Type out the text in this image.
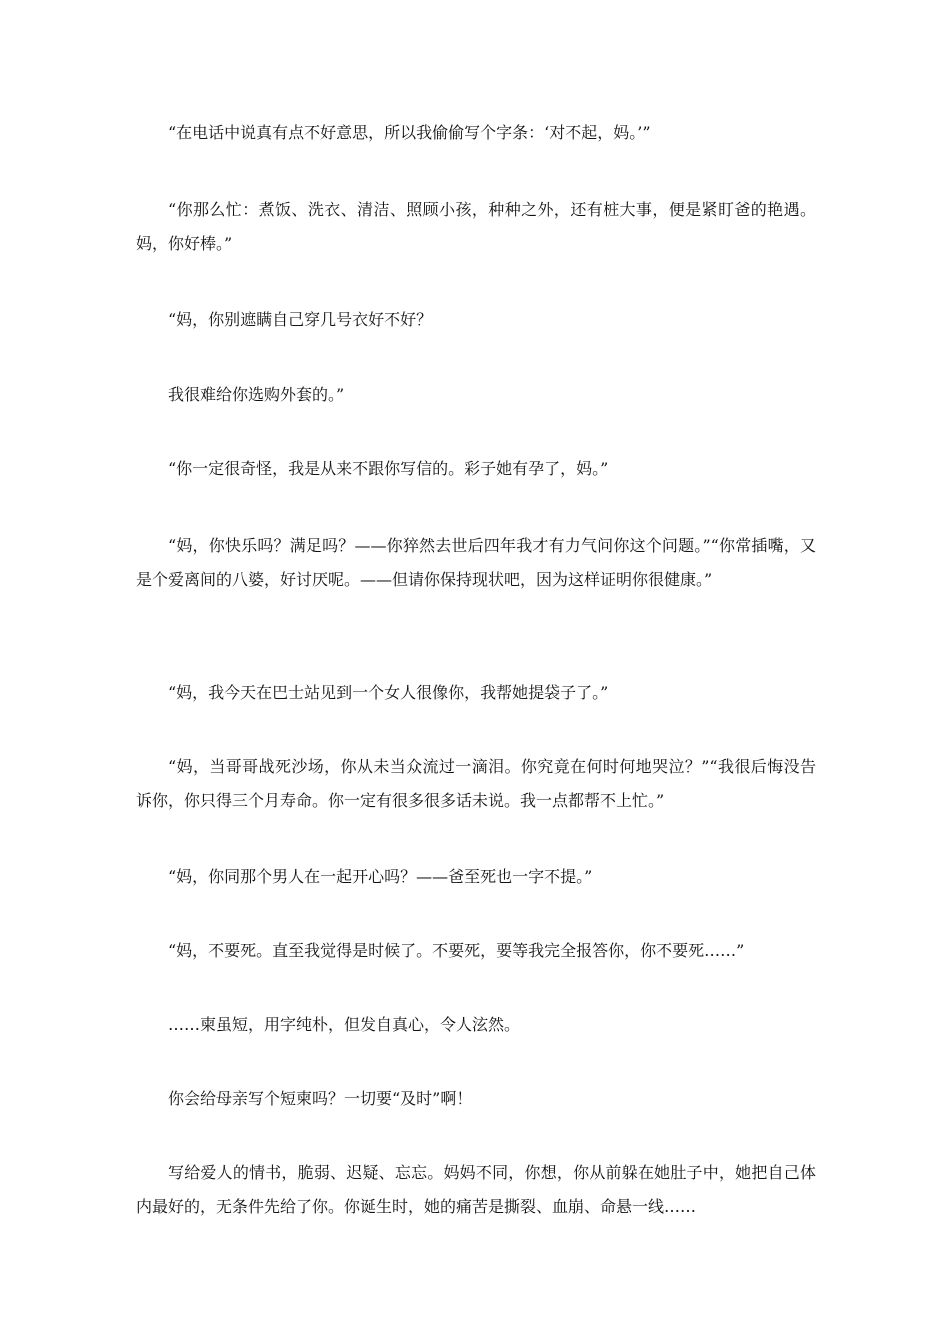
“在电话中说真有点不好意思，所以我偷偷写个字条：‘对不起，妈。’”

“你那么忙：煮饭、洗衣、清洁、照顾小孩，种种之外，还有桩大事，便是紧盯爸的艳遇。妈，你好棒。”

“妈，你别遮瞒自己穿几号衣好不好？

我很难给你选购外套的。”

“你一定很奇怪，我是从来不跟你写信的。彩子她有孕了，妈。”

“妈，你快乐吗？满足吗？——你猝然去世后四年我才有力气问你这个问题。”“你常插嘴，又是个爱离间的八婆，好讨厌呢。——但请你保持现状吧，因为这样证明你很健康。”

“妈，我今天在巴士站见到一个女人很像你，我帮她提袋子了。”

“妈，当哥哥战死沙场，你从未当众流过一滴泪。你究竟在何时何地哭泣？”“我很后悔没告诉你，你只得三个月寿命。你一定有很多很多话未说。我一点都帮不上忙。”

“妈，你同那个男人在一起开心吗？——爸至死也一字不提。”

“妈，不要死。直至我觉得是时候了。不要死，要等我完全报答你，你不要死……”

……柬虽短，用字纯朴，但发自真心，令人泫然。

你会给母亲写个短柬吗？一切要“及时”啊！

写给爱人的情书，脆弱、迟疑、忘忘。妈妈不同，你想，你从前躲在她肚子中，她把自己体内最好的，无条件先给了你。你诞生时，她的痛苦是撕裂、血崩、命悬一线……
